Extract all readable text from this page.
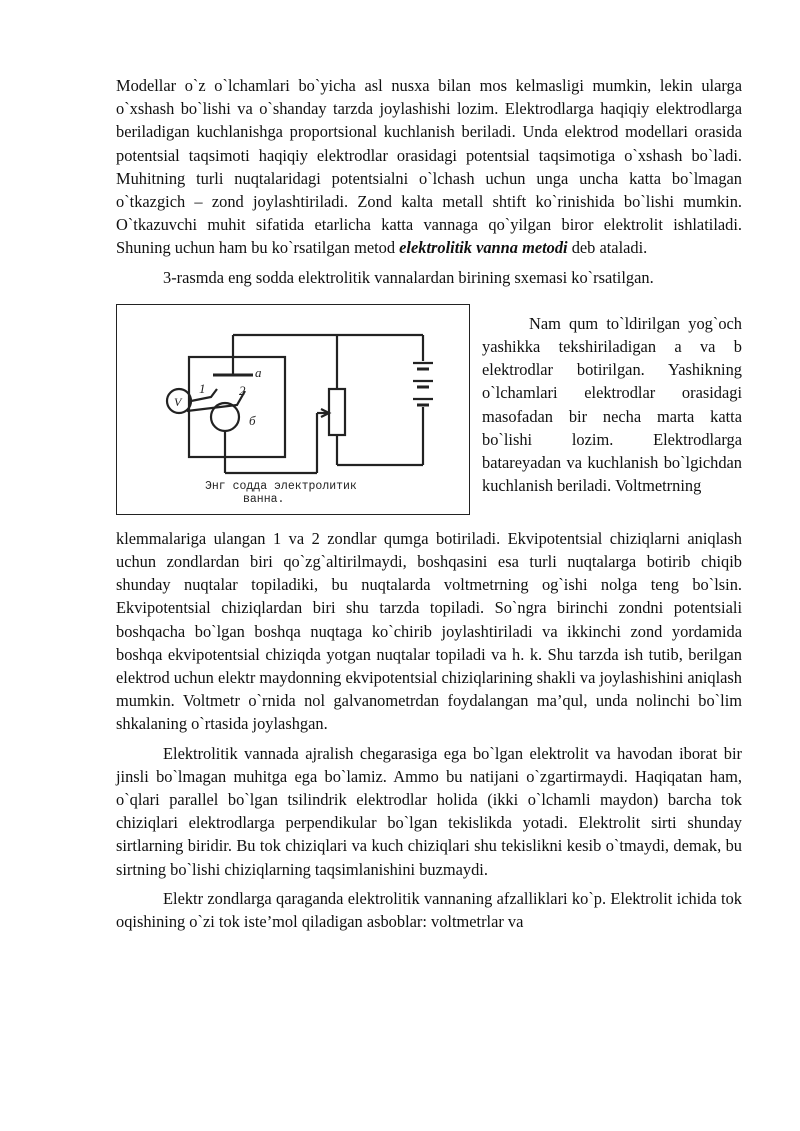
Modellar o`z o`lchamlari bo`yicha asl nusxa bilan mos kelmasligi mumkin, lekin ularga o`xshash bo`lishi va o`shanday tarzda joylashishi lozim. Elektrodlarga haqiqiy elektrodlarga beriladigan kuchlanishga proportsional kuchlanish beriladi. Unda elektrod modellari orasida potentsial taqsimoti haqiqiy elektrodlar orasidagi potentsial taqsimotiga o`xshash bo`ladi. Muhitning turli nuqtalaridagi potentsialni o`lchash uchun unga uncha katta bo`lmagan o`tkazgich – zond joylashtiriladi. Zond kalta metall shtift ko`rinishida bo`lishi mumkin. O`tkazuvchi muhit sifatida etarlicha katta vannaga qo`yilgan biror elektrolit ishlatiladi. Shuning uchun ham bu ko`rsatilgan metod elektrolitik vanna metodi deb ataladi.

3-rasmda eng sodda elektrolitik vannalardan birining sxemasi ko`rsatilgan.

a
б
1	2
V
Энг содда электролитик
ванна.

Nam qum to`ldirilgan yog`och yashikka tekshiriladigan a va b elektrodlar botirilgan. Yashikning o`lchamlari elektrodlar orasidagi masofadan bir necha marta katta bo`lishi lozim. Elektrodlarga batareyadan va kuchlanish bo`lgichdan kuchlanish beriladi. Voltmetrning

klemmalariga ulangan 1 va 2 zondlar qumga botiriladi. Ekvipotentsial chiziqlarni aniqlash uchun zondlardan biri qo`zg`altirilmaydi, boshqasini esa turli nuqtalarga botirib chiqib shunday nuqtalar topiladiki, bu nuqtalarda voltmetrning og`ishi nolga teng bo`lsin. Ekvipotentsial chiziqlardan biri shu tarzda topiladi. So`ngra birinchi zondni potentsiali boshqacha bo`lgan boshqa nuqtaga ko`chirib joylashtiriladi va ikkinchi zond yordamida boshqa ekvipotentsial chiziqda yotgan nuqtalar topiladi va h. k. Shu tarzda ish tutib, berilgan elektrod uchun elektr maydonning ekvipotentsial chiziqlarining shakli va joylashishini aniqlash mumkin. Voltmetr o`rnida nol galvanometrdan foydalangan ma’qul, unda nolinchi bo`lim shkalaning o`rtasida joylashgan.

Elektrolitik vannada ajralish chegarasiga ega bo`lgan elektrolit va havodan iborat bir jinsli bo`lmagan muhitga ega bo`lamiz. Ammo bu natijani o`zgartirmaydi. Haqiqatan ham, o`qlari parallel bo`lgan tsilindrik elektrodlar holida (ikki o`lchamli maydon) barcha tok chiziqlari elektrodlarga perpendikular bo`lgan tekislikda yotadi. Elektrolit sirti shunday sirtlarning biridir. Bu tok chiziqlari va kuch chiziqlari shu tekislikni kesib o`tmaydi, demak, bu sirtning bo`lishi chiziqlarning taqsimlanishini buzmaydi.

Elektr zondlarga qaraganda elektrolitik vannaning afzalliklari ko`p. Elektrolit ichida tok oqishining o`zi tok iste’mol qiladigan asboblar: voltmetrlar va
